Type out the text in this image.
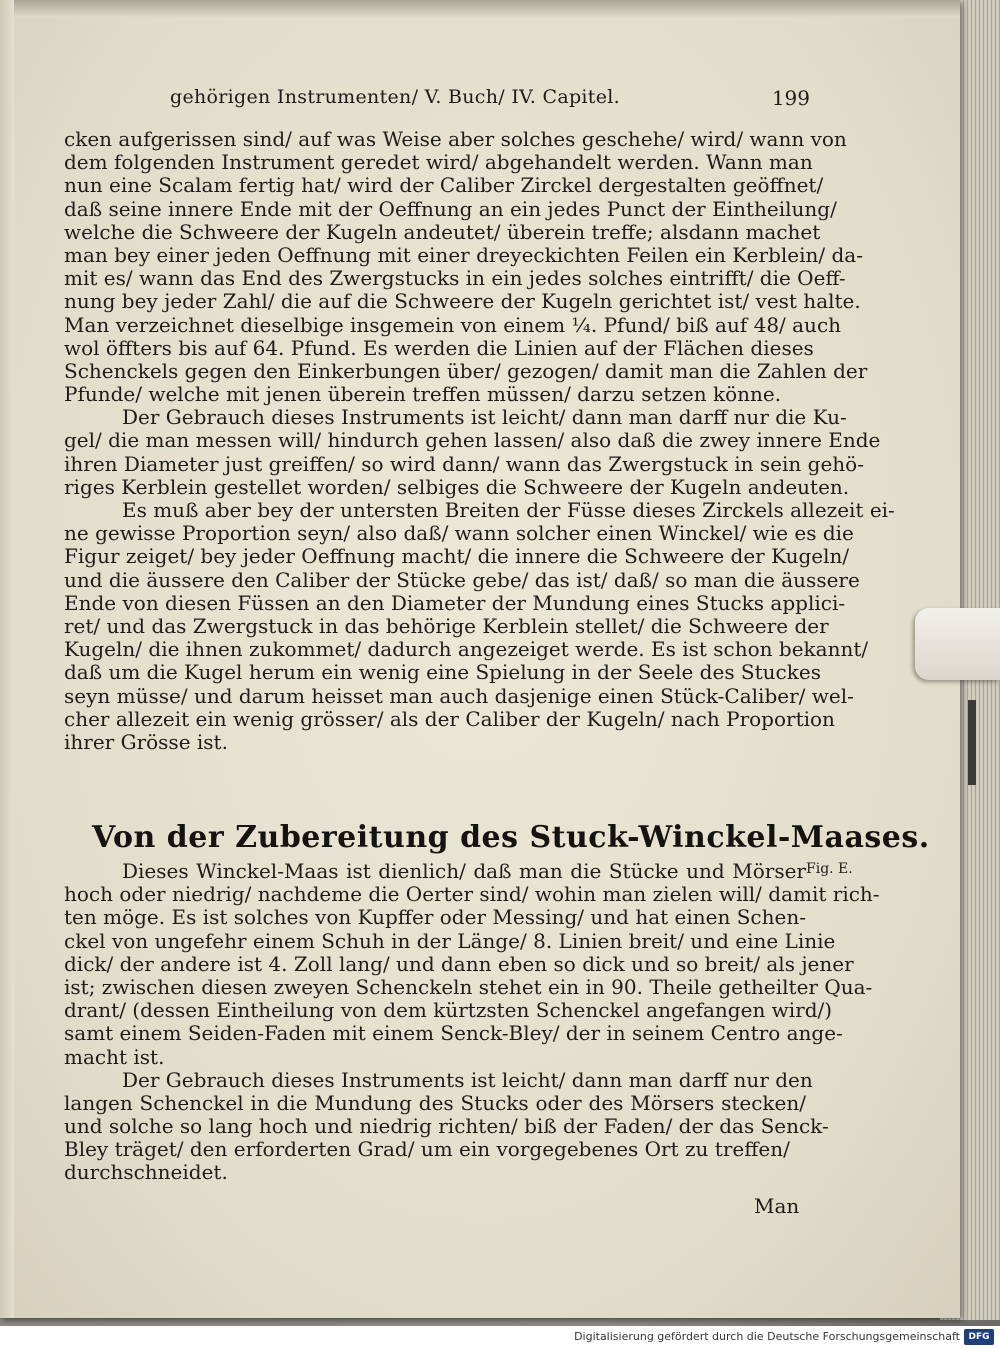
gehörigen Instrumenten/ V. Buch/ IV. Capitel.	199
cken aufgerissen sind/ auf was Weise aber solches geschehe/ wird/ wann von
dem folgenden Instrument geredet wird/ abgehandelt werden. Wann man
nun eine Scalam fertig hat/ wird der Caliber Zirckel dergestalten geöffnet/
daß seine innere Ende mit der Oeffnung an ein jedes Punct der Eintheilung/
welche die Schweere der Kugeln andeutet/ überein treffe; alsdann machet
man bey einer jeden Oeffnung mit einer dreyeckichten Feilen ein Kerblein/ da-
mit es/ wann das End des Zwergstucks in ein jedes solches eintrifft/ die Oeff-
nung bey jeder Zahl/ die auf die Schweere der Kugeln gerichtet ist/ vest halte.
Man verzeichnet dieselbige insgemein von einem ¼. Pfund/ biß auf 48/ auch
wol öffters bis auf 64. Pfund. Es werden die Linien auf der Flächen dieses
Schenckels gegen den Einkerbungen über/ gezogen/ damit man die Zahlen der
Pfunde/ welche mit jenen überein treffen müssen/ darzu setzen könne.
Der Gebrauch dieses Instruments ist leicht/ dann man darff nur die Ku-
gel/ die man messen will/ hindurch gehen lassen/ also daß die zwey innere Ende
ihren Diameter just greiffen/ so wird dann/ wann das Zwergstuck in sein gehö-
riges Kerblein gestellet worden/ selbiges die Schweere der Kugeln andeuten.
Es muß aber bey der untersten Breiten der Füsse dieses Zirckels allezeit ei-
ne gewisse Proportion seyn/ also daß/ wann solcher einen Winckel/ wie es die
Figur zeiget/ bey jeder Oeffnung macht/ die innere die Schweere der Kugeln/
und die äussere den Caliber der Stücke gebe/ das ist/ daß/ so man die äussere
Ende von diesen Füssen an den Diameter der Mundung eines Stucks applici-
ret/ und das Zwergstuck in das behörige Kerblein stellet/ die Schweere der
Kugeln/ die ihnen zukommet/ dadurch angezeiget werde. Es ist schon bekannt/
daß um die Kugel herum ein wenig eine Spielung in der Seele des Stuckes
seyn müsse/ und darum heisset man auch dasjenige einen Stück-Caliber/ wel-
cher allezeit ein wenig grösser/ als der Caliber der Kugeln/ nach Proportion
ihrer Grösse ist.
Von der Zubereitung des Stuck-Winckel-Maases.
Dieses Winckel-Maas ist dienlich/ daß man die Stücke und Mörser
hoch oder niedrig/ nachdeme die Oerter sind/ wohin man zielen will/ damit rich-
ten möge. Es ist solches von Kupffer oder Messing/ und hat einen Schen-
ckel von ungefehr einem Schuh in der Länge/ 8. Linien breit/ und eine Linie
dick/ der andere ist 4. Zoll lang/ und dann eben so dick und so breit/ als jener
ist; zwischen diesen zweyen Schenckeln stehet ein in 90. Theile getheilter Qua-
drant/ (dessen Eintheilung von dem kürtzsten Schenckel angefangen wird/)
samt einem Seiden-Faden mit einem Senck-Bley/ der in seinem Centro ange-
macht ist.
Der Gebrauch dieses Instruments ist leicht/ dann man darff nur den
langen Schenckel in die Mundung des Stucks oder des Mörsers stecken/
und solche so lang hoch und niedrig richten/ biß der Faden/ der das Senck-
Bley träget/ den erforderten Grad/ um ein vorgegebenes Ort zu treffen/
durchschneidet.
Fig. E.
Man
Digitalisierung gefördert durch die Deutsche Forschungsgemeinschaft DFG
